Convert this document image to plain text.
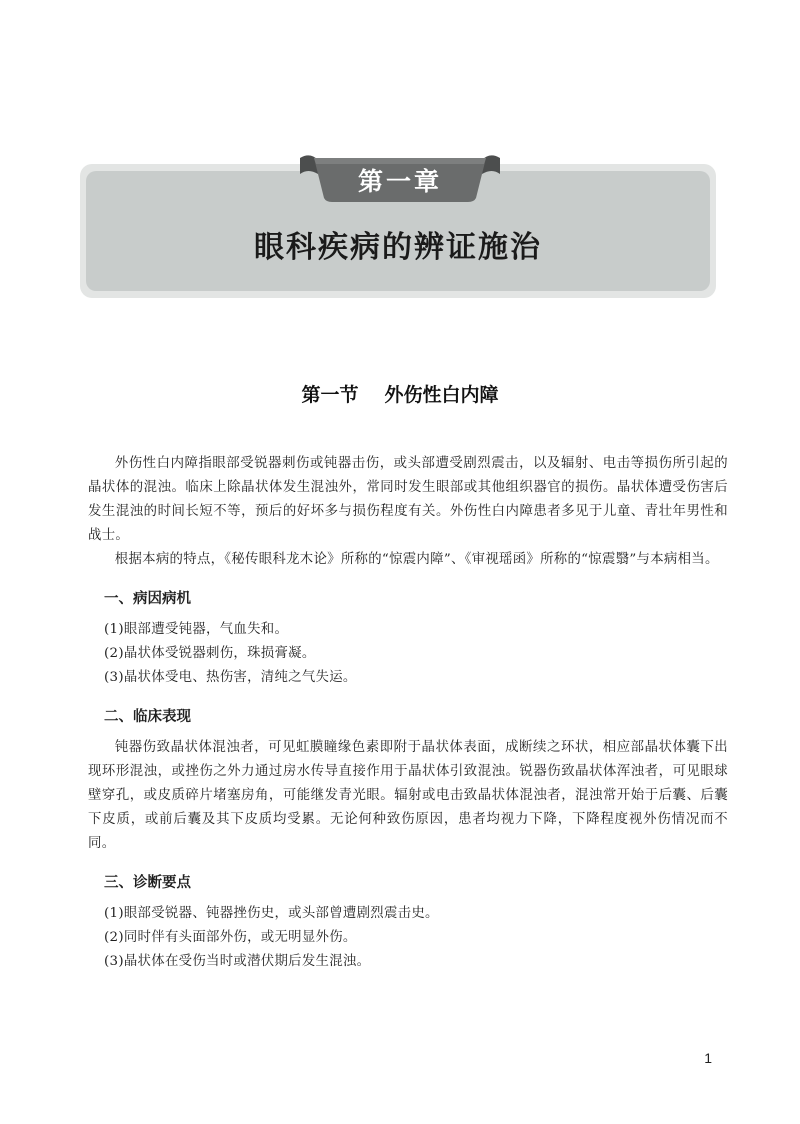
第一章
眼科疾病的辨证施治
第一节 外伤性白内障

外伤性白内障指眼部受锐器刺伤或钝器击伤，或头部遭受剧烈震击，以及辐射、电击等损伤所引起的晶状体的混浊。临床上除晶状体发生混浊外，常同时发生眼部或其他组织器官的损伤。晶状体遭受伤害后发生混浊的时间长短不等，预后的好坏多与损伤程度有关。外伤性白内障患者多见于儿童、青壮年男性和战士。

根据本病的特点，《秘传眼科龙木论》所称的“惊震内障”、《审视瑶函》所称的“惊震翳”与本病相当。

一、病因病机
(1)眼部遭受钝器，气血失和。
(2)晶状体受锐器刺伤，珠损膏凝。
(3)晶状体受电、热伤害，清纯之气失运。
二、临床表现

钝器伤致晶状体混浊者，可见虹膜瞳缘色素即附于晶状体表面，成断续之环状，相应部晶状体囊下出现环形混浊，或挫伤之外力通过房水传导直接作用于晶状体引致混浊。锐器伤致晶状体浑浊者，可见眼球壁穿孔，或皮质碎片堵塞房角，可能继发青光眼。辐射或电击致晶状体混浊者，混浊常开始于后囊、后囊下皮质，或前后囊及其下皮质均受累。无论何种致伤原因，患者均视力下降，下降程度视外伤情况而不同。

三、诊断要点
(1)眼部受锐器、钝器挫伤史，或头部曾遭剧烈震击史。
(2)同时伴有头面部外伤，或无明显外伤。
(3)晶状体在受伤当时或潜伏期后发生混浊。
1
